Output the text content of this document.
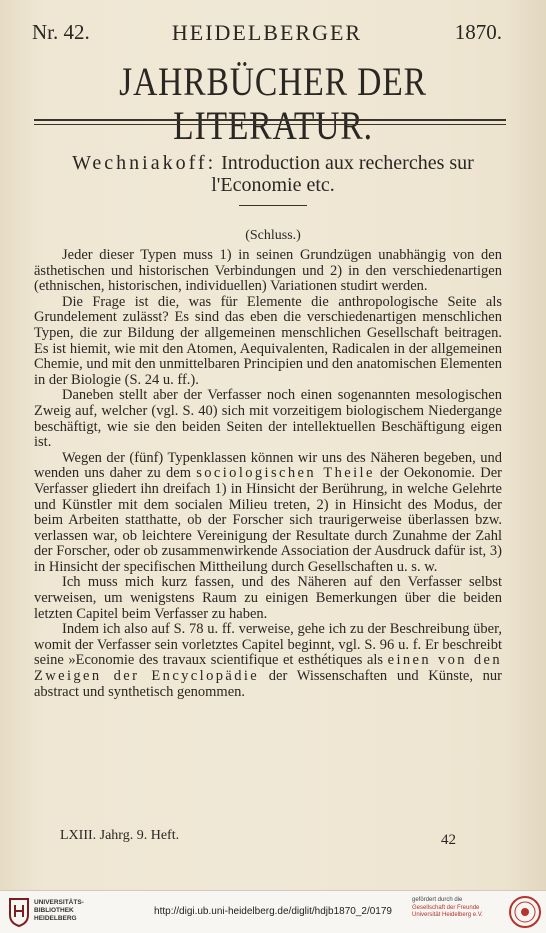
Nr. 42.	HEIDELBERGER	1870.
JAHRBÜCHER DER LITERATUR.
Wechniakoff: Introduction aux recherches sur
l'Economie etc.
(Schluss.)

Jeder dieser Typen muss 1) in seinen Grundzügen unabhängig von den ästhetischen und historischen Verbindungen und 2) in den verschiedenartigen (ethnischen, historischen, individuellen) Variationen studirt werden.

Die Frage ist die, was für Elemente die anthropologische Seite als Grundelement zulässt? Es sind das eben die verschiedenartigen menschlichen Typen, die zur Bildung der allgemeinen menschlichen Gesellschaft beitragen. Es ist hiemit, wie mit den Atomen, Aequivalenten, Radicalen in der allgemeinen Chemie, und mit den unmittelbaren Principien und den anatomischen Elementen in der Biologie (S. 24 u. ff.).

Daneben stellt aber der Verfasser noch einen sogenannten mesologischen Zweig auf, welcher (vgl. S. 40) sich mit vorzeitigem biologischem Niedergange beschäftigt, wie sie den beiden Seiten der intellektuellen Beschäftigung eigen ist.

Wegen der (fünf) Typenklassen können wir uns des Näheren begeben, und wenden uns daher zu dem sociologischen Theile der Oekonomie. Der Verfasser gliedert ihn dreifach 1) in Hinsicht der Berührung, in welche Gelehrte und Künstler mit dem socialen Milieu treten, 2) in Hinsicht des Modus, der beim Arbeiten statthatte, ob der Forscher sich traurigerweise überlassen bzw. verlassen war, ob leichtere Vereinigung der Resultate durch Zunahme der Zahl der Forscher, oder ob zusammenwirkende Association der Ausdruck dafür ist, 3) in Hinsicht der specifischen Mittheilung durch Gesellschaften u. s. w.

Ich muss mich kurz fassen, und des Näheren auf den Verfasser selbst verweisen, um wenigstens Raum zu einigen Bemerkungen über die beiden letzten Capitel beim Verfasser zu haben.

Indem ich also auf S. 78 u. ff. verweise, gehe ich zu der Beschreibung über, womit der Verfasser sein vorletztes Capitel beginnt, vgl. S. 96 u. f. Er beschreibt seine »Economie des travaux scientifique et esthétiques als einen von den Zweigen der Encyclopädie der Wissenschaften und Künste, nur abstract und synthetisch genommen.

LXIII. Jahrg. 9. Heft.	42
UNIVERSITÄTS-
BIBLIOTHEK
HEIDELBERG
http://digi.ub.uni-heidelberg.de/diglit/hdjb1870_2/0179
gefördert durch die
Gesellschaft der Freunde
Universität Heidelberg e.V.
